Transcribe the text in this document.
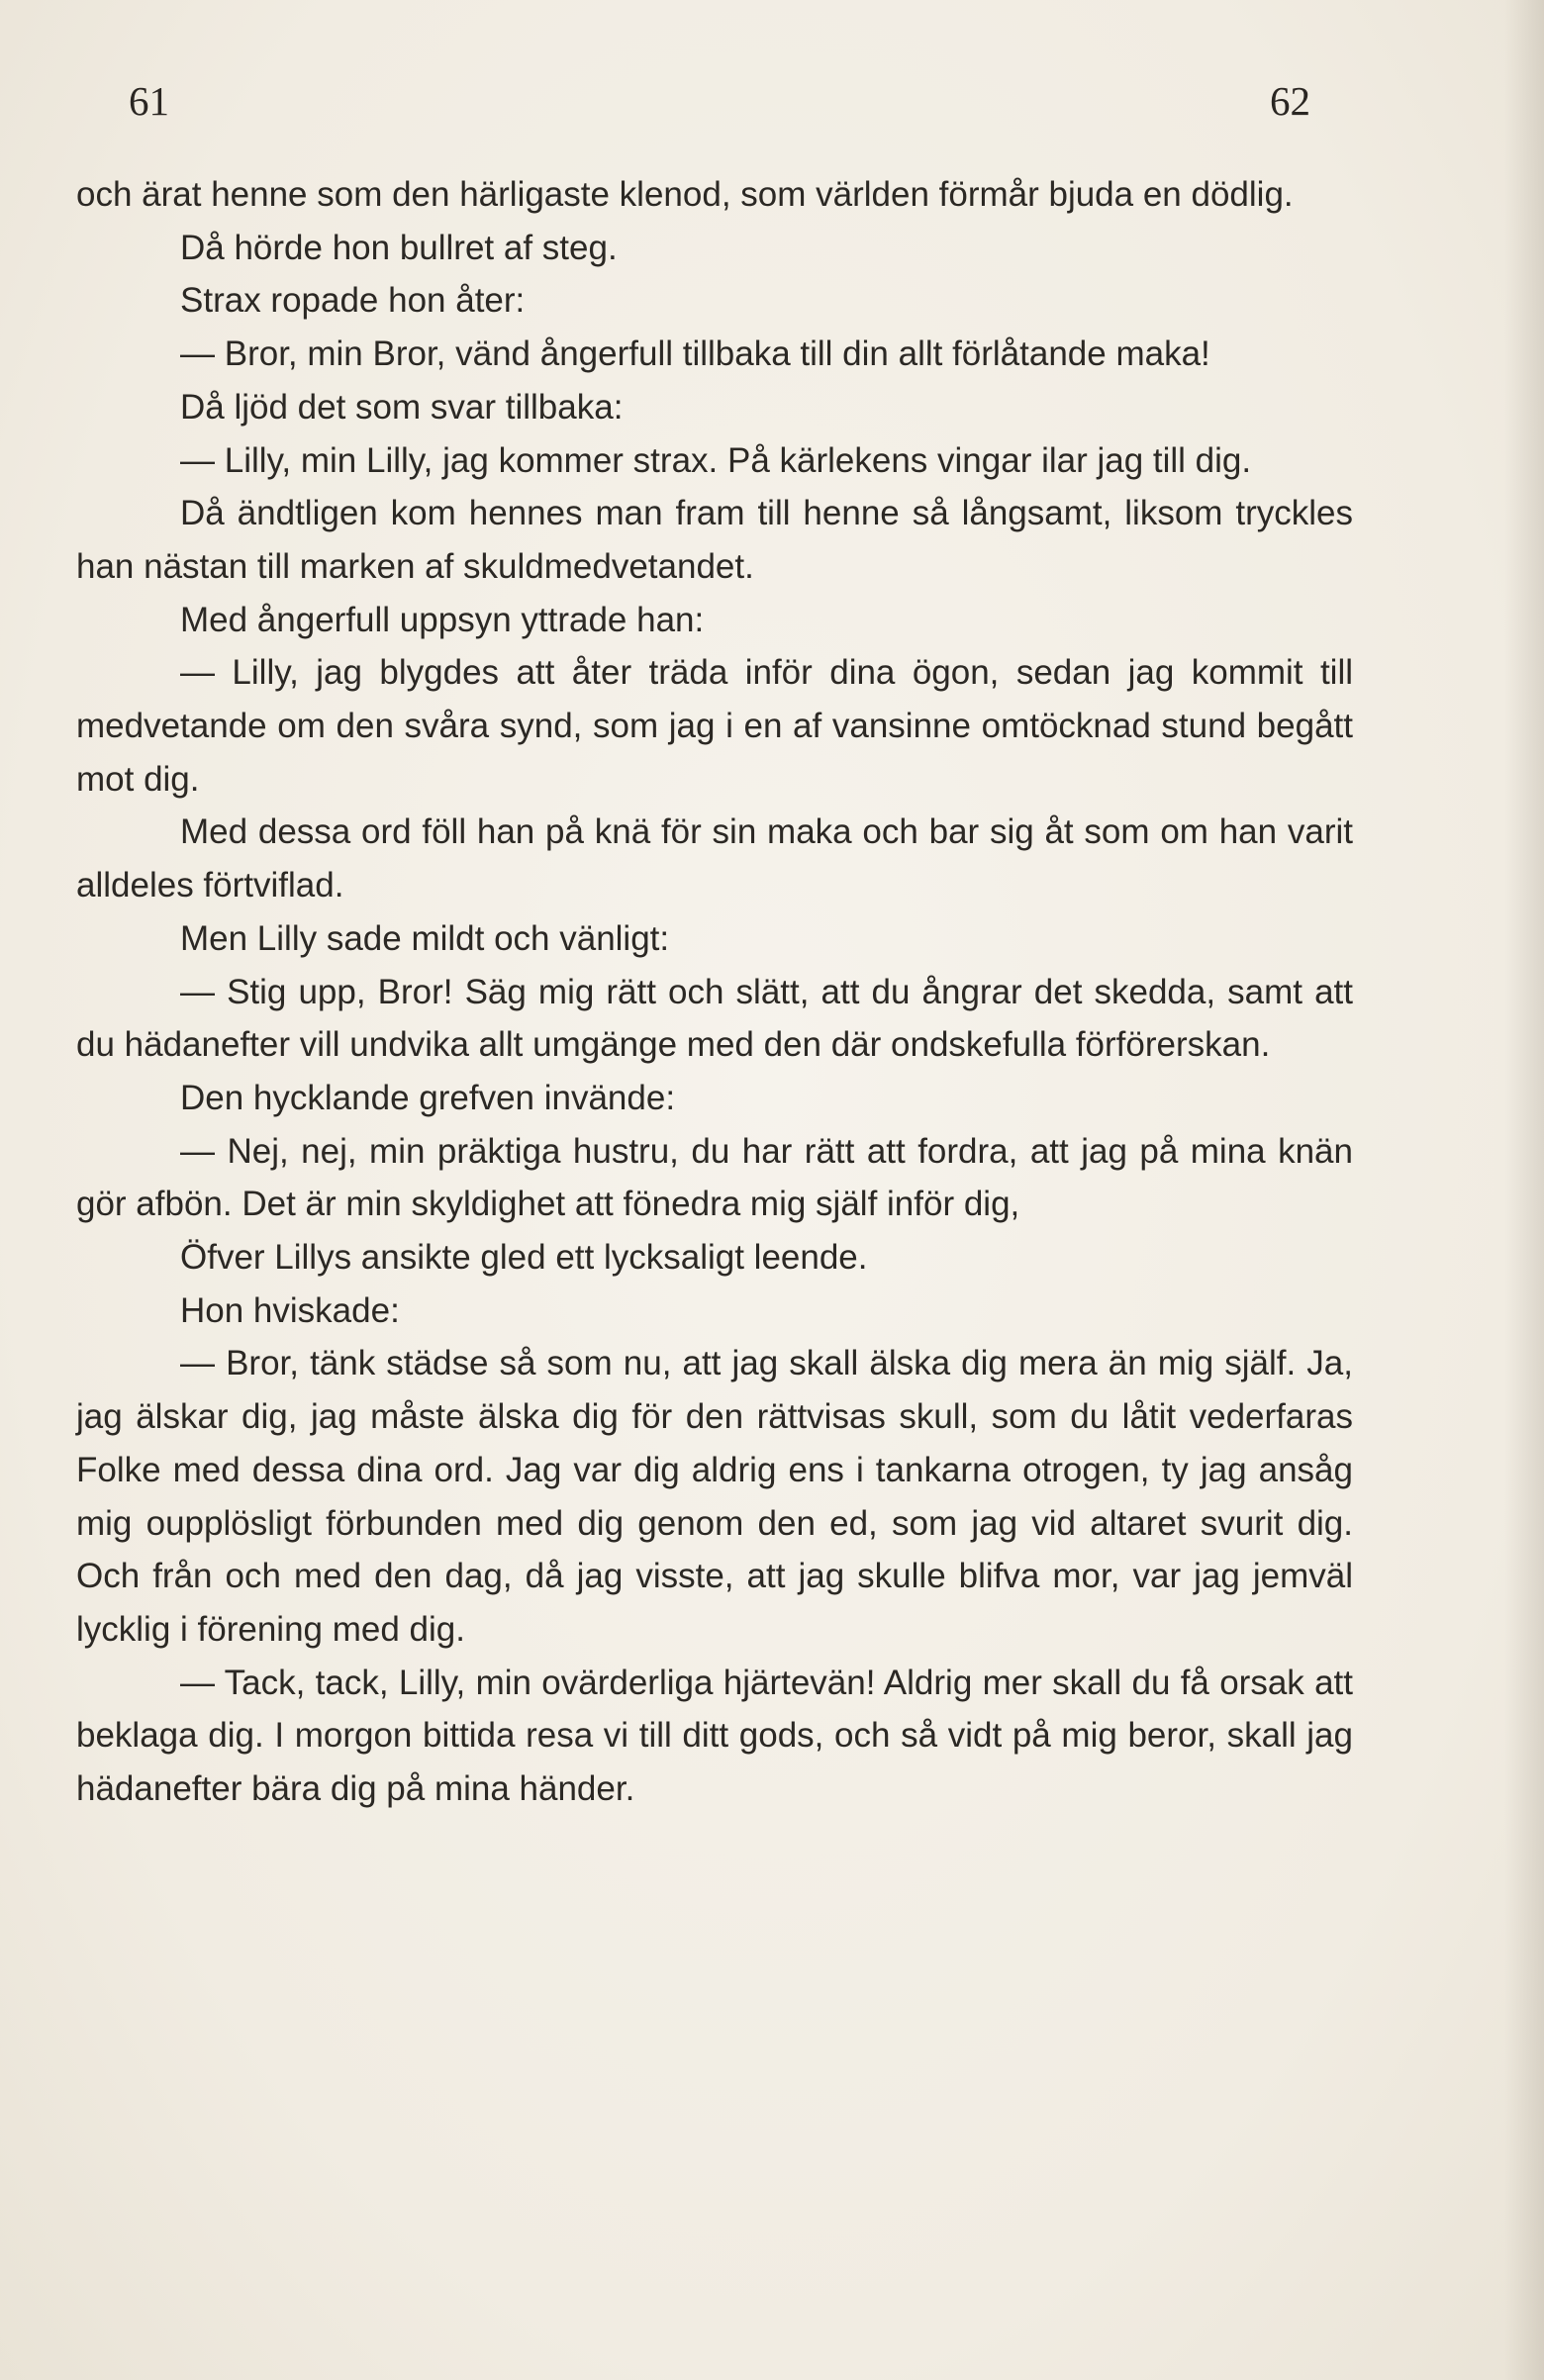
61	62

och ärat henne som den härligaste klenod, som världen förmår bjuda en dödlig.

Då hörde hon bullret af steg.

Strax ropade hon åter:

— Bror, min Bror, vänd ångerfull tillbaka till din allt förlåtande maka!

Då ljöd det som svar tillbaka:

— Lilly, min Lilly, jag kommer strax. På kärlekens vingar ilar jag till dig.

Då ändtligen kom hennes man fram till henne så långsamt, liksom tryckles han nästan till marken af skuldmedvetandet.

Med ångerfull uppsyn yttrade han:

— Lilly, jag blygdes att åter träda inför dina ögon, sedan jag kommit till medvetande om den svåra synd, som jag i en af vansinne omtöcknad stund begått mot dig.

Med dessa ord föll han på knä för sin maka och bar sig åt som om han varit alldeles förtviflad.

Men Lilly sade mildt och vänligt:

— Stig upp, Bror! Säg mig rätt och slätt, att du ångrar det skedda, samt att du hädanefter vill undvika allt umgänge med den där ondskefulla förförerskan.

Den hycklande grefven invände:

— Nej, nej, min präktiga hustru, du har rätt att fordra, att jag på mina knän gör afbön. Det är min skyldighet att fönedra mig själf inför dig,

Öfver Lillys ansikte gled ett lycksaligt leende.

Hon hviskade:

— Bror, tänk städse så som nu, att jag skall älska dig mera än mig själf. Ja, jag älskar dig, jag måste älska dig för den rättvisas skull, som du låtit vederfaras Folke med dessa dina ord. Jag var dig aldrig ens i tankarna otrogen, ty jag ansåg mig oupplösligt förbunden med dig genom den ed, som jag vid altaret svurit dig. Och från och med den dag, då jag visste, att jag skulle blifva mor, var jag jemväl lycklig i förening med dig.

— Tack, tack, Lilly, min ovärderliga hjärtevän! Aldrig mer skall du få orsak att beklaga dig. I morgon bittida resa vi till ditt gods, och så vidt på mig beror, skall jag hädanefter bära dig på mina händer.
